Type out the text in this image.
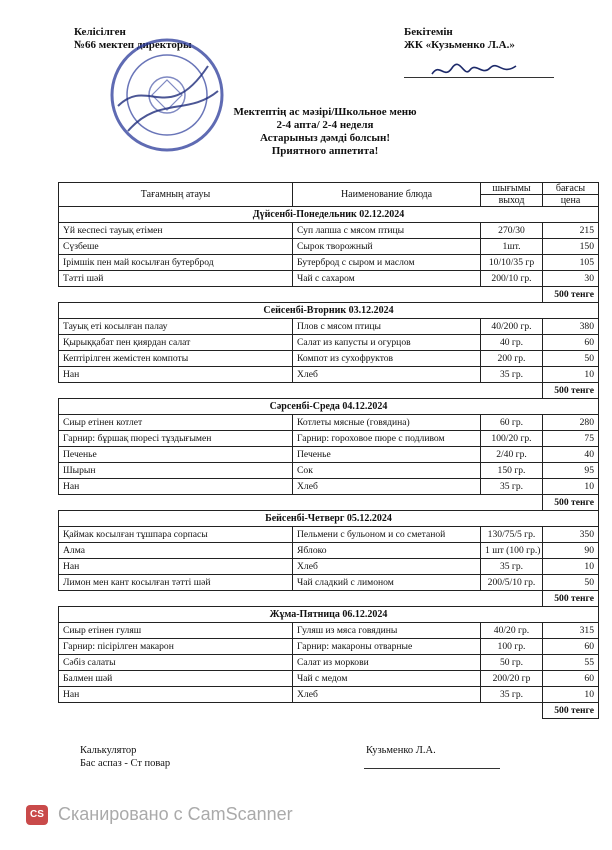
Келісілген
№66 мектеп директоры
Бекітемін
ЖК «Кузьменко Л.А.»
Мектептің ас мәзірі/Школьное меню
2-4 апта/ 2-4 неделя
Астарыныз дәмді болсын!
Приятного аппетита!
Тағамның атауы	Наименование блюда	шығымы	бағасы
		выход	цена
Дүйсенбі-Понедельник 02.12.2024			
Үй кеспесі тауық етімен	Суп лапша с мясом птицы	270/30	215
Сүзбеше	Сырок творожный	1шт.	150
Ірімшік пен май косылған бутерброд	Бутерброд с сыром и маслом	10/10/35 гр	105
Тәтті шәй	Чай с сахаром	200/10 гр.	30
			500 тенге
Сейсенбі-Вторник 03.12.2024			
Тауық еті косылған палау	Плов с мясом птицы	40/200 гр.	380
Қырыққабат пен қиярдан салат	Салат из капусты и огурцов	40 гр.	60
Кептірілген жемістен компоты	Компот из сухофруктов	200 гр.	50
Нан	Хлеб	35 гр.	10
			500 тенге
Сәрсенбі-Среда 04.12.2024			
Сиыр етінен котлет	Котлеты мясные (говядина)	60 гр.	280
Гарнир: бұршақ пюресі тұздығымен	Гарнир: гороховое пюре с подливом	100/20 гр.	75
Печенье	Печенье	2/40 гр.	40
Шырын	Сок	150 гр.	95
Нан	Хлеб	35 гр.	10
			500 тенге
Бейсенбі-Четверг 05.12.2024			
Қаймак косылған тұшпара сорпасы	Пельмени с бульоном и со сметаной	130/75/5 гр.	350
Алма	Яблоко	1 шт (100 гр.)	90
Нан	Хлеб	35 гр.	10
Лимон мен кант косылған тәтті шәй	Чай сладкий с лимоном	200/5/10 гр.	50
			500 тенге
Жұма-Пятница 06.12.2024			
Сиыр етінен гуляш	Гуляш из мяса говядины	40/20 гр.	315
Гарнир: пісірілген макарон	Гарнир: макароны отварные	100 гр.	60
Сәбіз салаты	Салат из моркови	50 гр.	55
Балмен шәй	Чай с медом	200/20 гр	60
Нан	Хлеб	35 гр.	10
			500 тенге
Калькулятор
Бас аспаз - Ст повар
Кузьменко Л.А.
CS Сканировано с CamScanner
